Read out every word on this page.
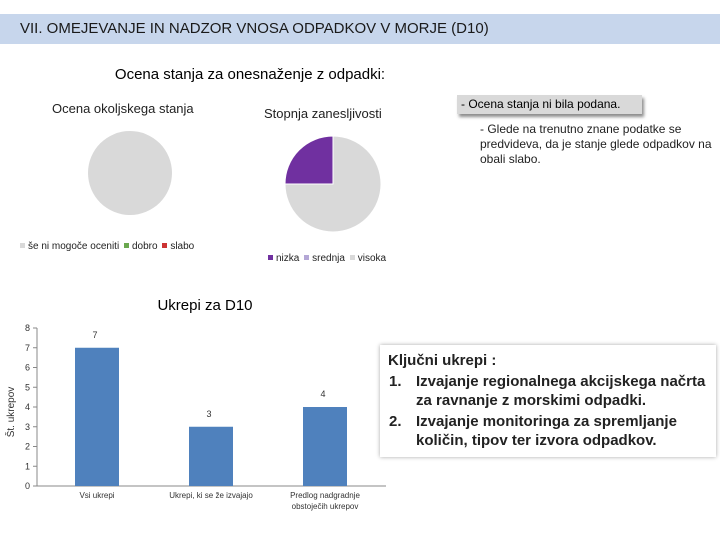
VII. OMEJEVANJE IN NADZOR VNOSA ODPADKOV V MORJE (D10)
Ocena stanja za onesnaženje z odpadki:
Ocena okoljskega stanja
še ni mogoče oceniti dobro slabo
Stopnja zanesljivosti
nizka srednja visoka
- Ocena stanja ni bila podana.
- Glede na trenutno znane podatke se predvideva, da je stanje glede odpadkov na obali slabo.
Ukrepi za D10
Št. ukrepov
0
1
2
3
4
5
6
7
8
7
3
4
Vsi ukrepi	Ukrepi, ki se že izvajajo	Predlog nadgradnje obstoječih ukrepov
Ključni ukrepi :
1. Izvajanje regionalnega akcijskega načrta
za ravnanje z morskimi odpadki.
2. Izvajanje monitoringa za spremljanje
količin, tipov ter izvora odpadkov.
